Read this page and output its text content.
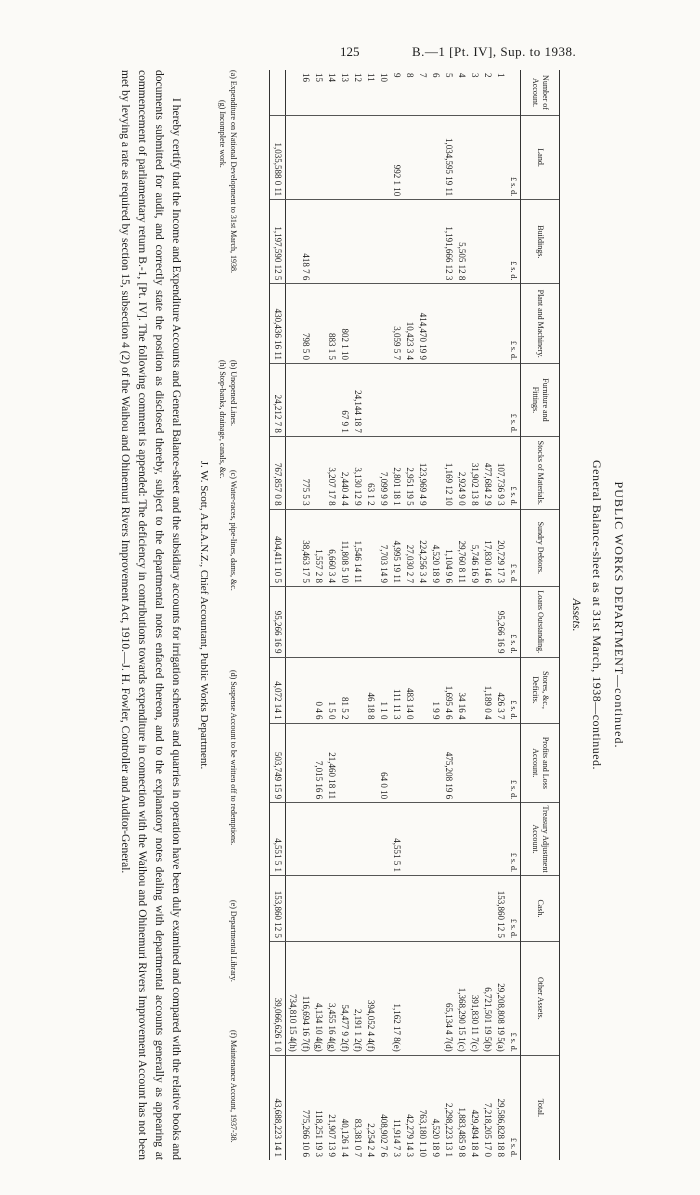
125	B.—1 [Pt. IV], Sup. to 1938.
PUBLIC WORKS DEPARTMENT—continued.
General Balance-sheet as at 31st March, 1938—continued.
Assets.
Number of Account.	Land.	Buildings.	Plant and Machinery.	Furniture and Fittings.	Stocks of Materials.	Sundry Debtors.	Loans Outstanding.	Stores, &c., Deficits.	Profits and Loss Account.	Treasury Adjustment Account.	Cash.	Other Assets.	Total.
	£ s. d.	£ s. d.	£ s. d.	£ s. d.	£ s. d.	£ s. d.	£ s. d.	£ s. d.	£ s. d.	£ s. d.	£ s. d.	£ s. d.	£ s. d.
1					107,736 9 3	20,729 17 3	95,266 16 9	426 3 7			153,860 12 5	29,208,808 19 5(a)	29,586,828 18 8
2					477,684 2 9	17,830 14 6		1,189 0 4				6,721,501 19 5(b)	7,218,205 17 0
3					31,902 13 8	5,746 16 9						391,830 11 7(c)	429,494 18 4
4		5,505 12 8			2,924 9 0	29,760 8 11		34 16 4				1,368,290 15 1(c)	1,883,485 9 8
5	1,034,595 19 11	1,191,666 12 3			1,169 12 10	1,104 9 6		1,695 4 6	475,208 19 6			65,134 4 7(d)	2,298,223 13 1
6						4,520 18 9		1 9 9					4,520 18 9
7			414,470 19 9		123,969 4 9	224,256 3 4							763,180 1 10
8			10,423 3 4		2,951 19 5	27,030 2 7		483 14 0					42,279 14 3
9	992 1 10		3,059 5 7		2,801 18 1	4,995 19 11		111 11 3		4,551 5 1		1,162 17 8(e)	11,914 7 3
10					7,099 9 9	7,703 14 9		1 1 0	64 0 10				408,902 7 6
11					63 1 2			46 18 8				394,052 4 4(f)	2,254 2 4
12				24,144 18 7	3,130 12 9	1,546 14 11						2,191 1 2(f)	83,381 0 7
13			802 1 10	67 9 1	2,440 4 4	11,808 5 10		81 5 2				54,477 9 2(f)	40,126 1 4
14			883 1 5		3,207 17 8	6,660 3 4		1 5 0	21,460 18 11			3,455 16 4(g)	21,907 13 9
15						1,557 2 8		0 4 6	7,015 16 6			4,134 10 4(g)	118,251 19 3
16		418 7 6	798 5 0		775 5 3	38,463 17 5						116,694 16 7(f)	775,266 10 6
												734,810 15 4(h)	
	1,035,588 0 11	1,197,590 12 5	430,436 16 11	24,212 7 8	767,857 0 8	404,411 10 5	95,266 16 9	4,072 14 1	503,749 15 9	4,551 5 1	153,860 12 5	39,066,626 1 0	43,688,223 14 1
(a) Expenditure on National Development to 31st March, 1938.
(b) Unopened Lines.
(c) Water-races, pipe-lines, dams, &c.
(d) Suspense Account to be written off to redemptions.
(e) Departmental Library.
(f) Maintenance Account, 1937-38.
(g) Incomplete work.
(h) Stop-banks, drainage, canals, &c.
J. W. Scott, A.R.A.N.Z., Chief Accountant, Public Works Department.
I hereby certify that the Income and Expenditure Accounts and General Balance-sheet and the subsidiary accounts for irrigation schemes and quarries in operation have been duly examined and compared with the relative books and documents submitted for audit, and correctly state the position as disclosed thereby, subject to the departmental notes enfaced thereon, and to the explanatory notes dealing with departmental accounts generally as appearing at commencement of parliamentary return B.-1, [Pt. IV]. The following comment is appended: The deficiency in contributions towards expenditure in connection with the Waihou and Ohinemuri Rivers Improvement Account has not been met by levying a rate as required by section 15, subsection 4 (2) of the Waihou and Ohinemuri Rivers Improvement Act, 1910.—J. H. Fowler, Controller and Auditor-General.
